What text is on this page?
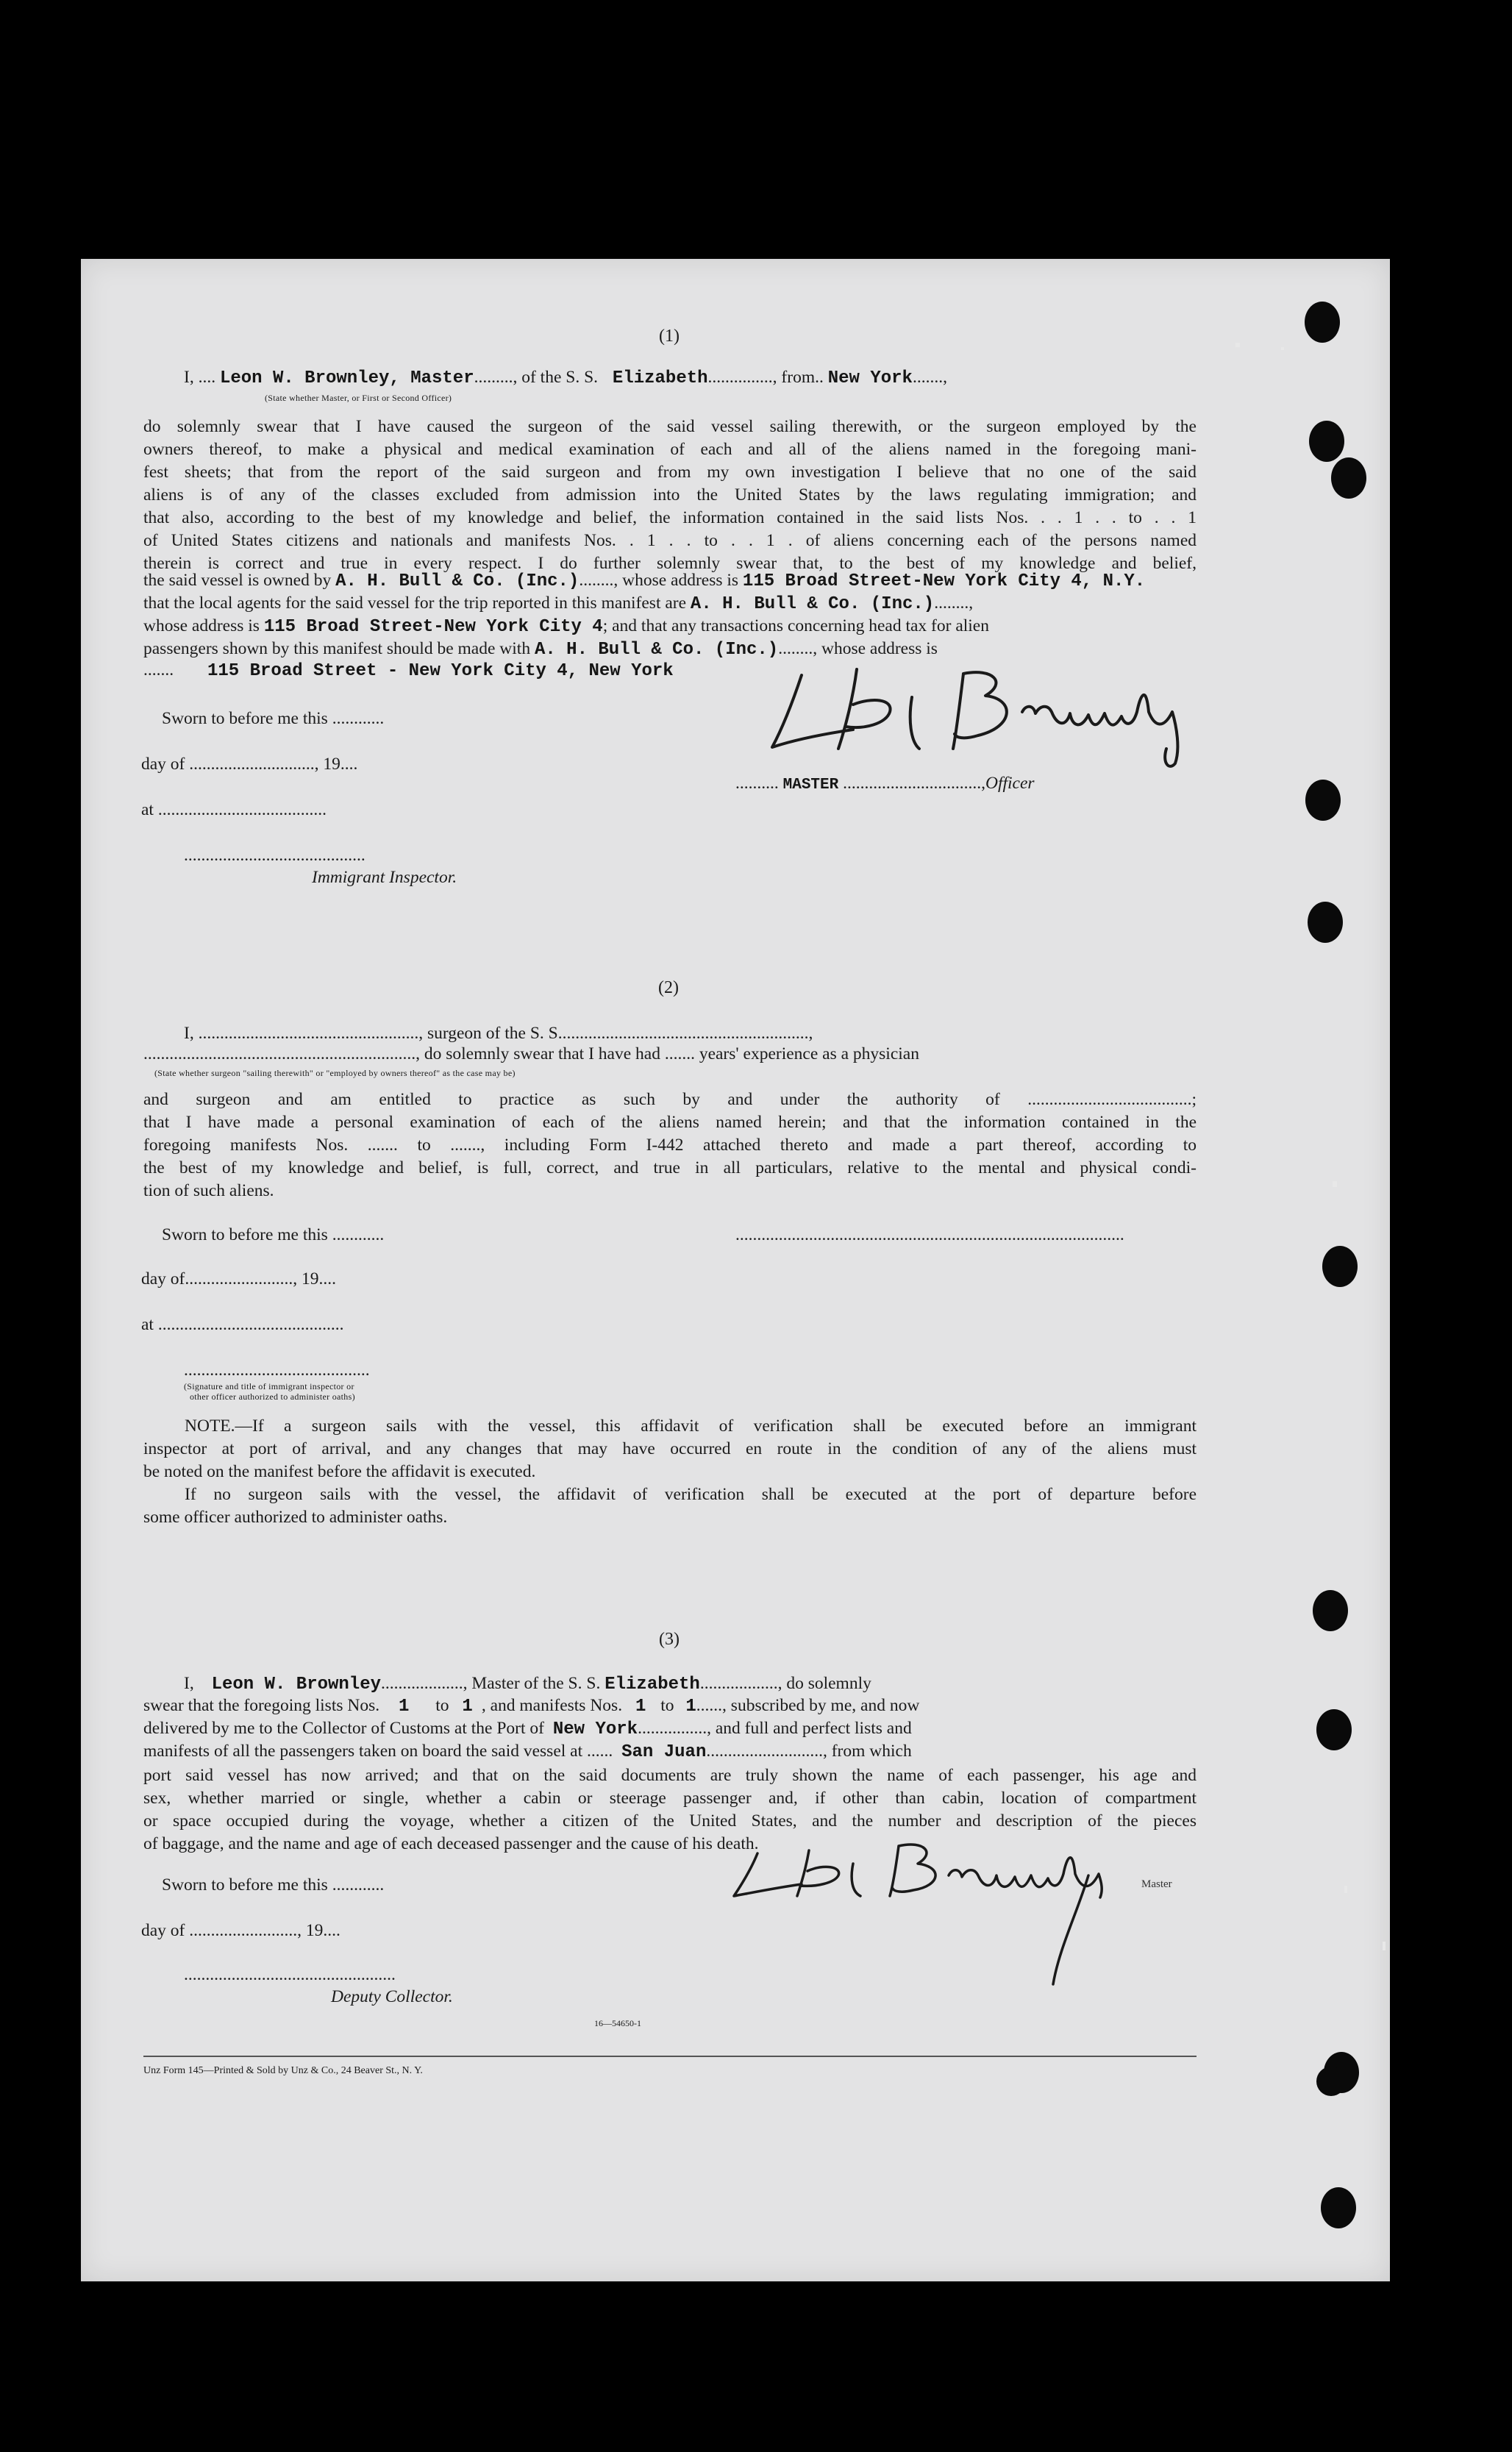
(1)
I, .... Leon W. Brownley, Master........., of the S. S. Elizabeth..............., from.. New York.......,
(State whether Master, or First or Second Officer)

do solemnly swear that I have caused the surgeon of the said vessel sailing therewith, or the surgeon employed by the

owners thereof, to make a physical and medical examination of each and all of the aliens named in the foregoing mani-

fest sheets; that from the report of the said surgeon and from my own investigation I believe that no one of the said

aliens is of any of the classes excluded from admission into the United States by the laws regulating immigration; and

that also, according to the best of my knowledge and belief, the information contained in the said lists Nos. . . 1 . . to . . 1

of United States citizens and nationals and manifests Nos. . 1 . . to . . 1 . of aliens concerning each of the persons named

therein is correct and true in every respect. I do further solemnly swear that, to the best of my knowledge and belief,

the said vessel is owned by A. H. Bull & Co. (Inc.)........, whose address is 115 Broad Street-New York City 4, N.Y.
that the local agents for the said vessel for the trip reported in this manifest are A. H. Bull & Co. (Inc.)........,
whose address is 115 Broad Street-New York City 4; and that any transactions concerning head tax for alien
passengers shown by this manifest should be made with A. H. Bull & Co. (Inc.)........, whose address is
....... 115 Broad Street - New York City 4, New York
Sworn to before me this ............
day of ............................., 19....
at .......................................
..........................................
Immigrant Inspector.
.......... MASTER ................................,Officer
(2)
I, ..................................................., surgeon of the S. S..........................................................,
..............................................................., do solemnly swear that I have had ....... years' experience as a physician
(State whether surgeon "sailing therewith" or "employed by owners thereof" as the case may be)

and surgeon and am entitled to practice as such by and under the authority of ......................................;

that I have made a personal examination of each of the aliens named herein; and that the information contained in the

foregoing manifests Nos. ....... to ......., including Form I-442 attached thereto and made a part thereof, according to

the best of my knowledge and belief, is full, correct, and true in all particulars, relative to the mental and physical condi-

tion of such aliens.

Sworn to before me this ............	..........................................................................................
day of........................., 19....
at ...........................................
...........................................
(Signature and title of immigrant inspector or
other officer authorized to administer oaths)

NOTE.—If a surgeon sails with the vessel, this affidavit of verification shall be executed before an immigrant

inspector at port of arrival, and any changes that may have occurred en route in the condition of any of the aliens must

be noted on the manifest before the affidavit is executed.

If no surgeon sails with the vessel, the affidavit of verification shall be executed at the port of departure before

some officer authorized to administer oaths.

(3)
I, Leon W. Brownley..................., Master of the S. S. Elizabeth.................., do solemnly
swear that the foregoing lists Nos. 1 to 1 , and manifests Nos. 1 to 1......, subscribed by me, and now
delivered by me to the Collector of Customs at the Port of New York................, and full and perfect lists and
manifests of all the passengers taken on board the said vessel at ...... San Juan..........................., from which

port said vessel has now arrived; and that on the said documents are truly shown the name of each passenger, his age and

sex, whether married or single, whether a cabin or steerage passenger and, if other than cabin, location of compartment

or space occupied during the voyage, whether a citizen of the United States, and the number and description of the pieces

of baggage, and the name and age of each deceased passenger and the cause of his death.

Sworn to before me this ............
day of ........................., 19....
.................................................
Deputy Collector.
Master
16—54650-1
Unz Form 145—Printed & Sold by Unz & Co., 24 Beaver St., N. Y.
